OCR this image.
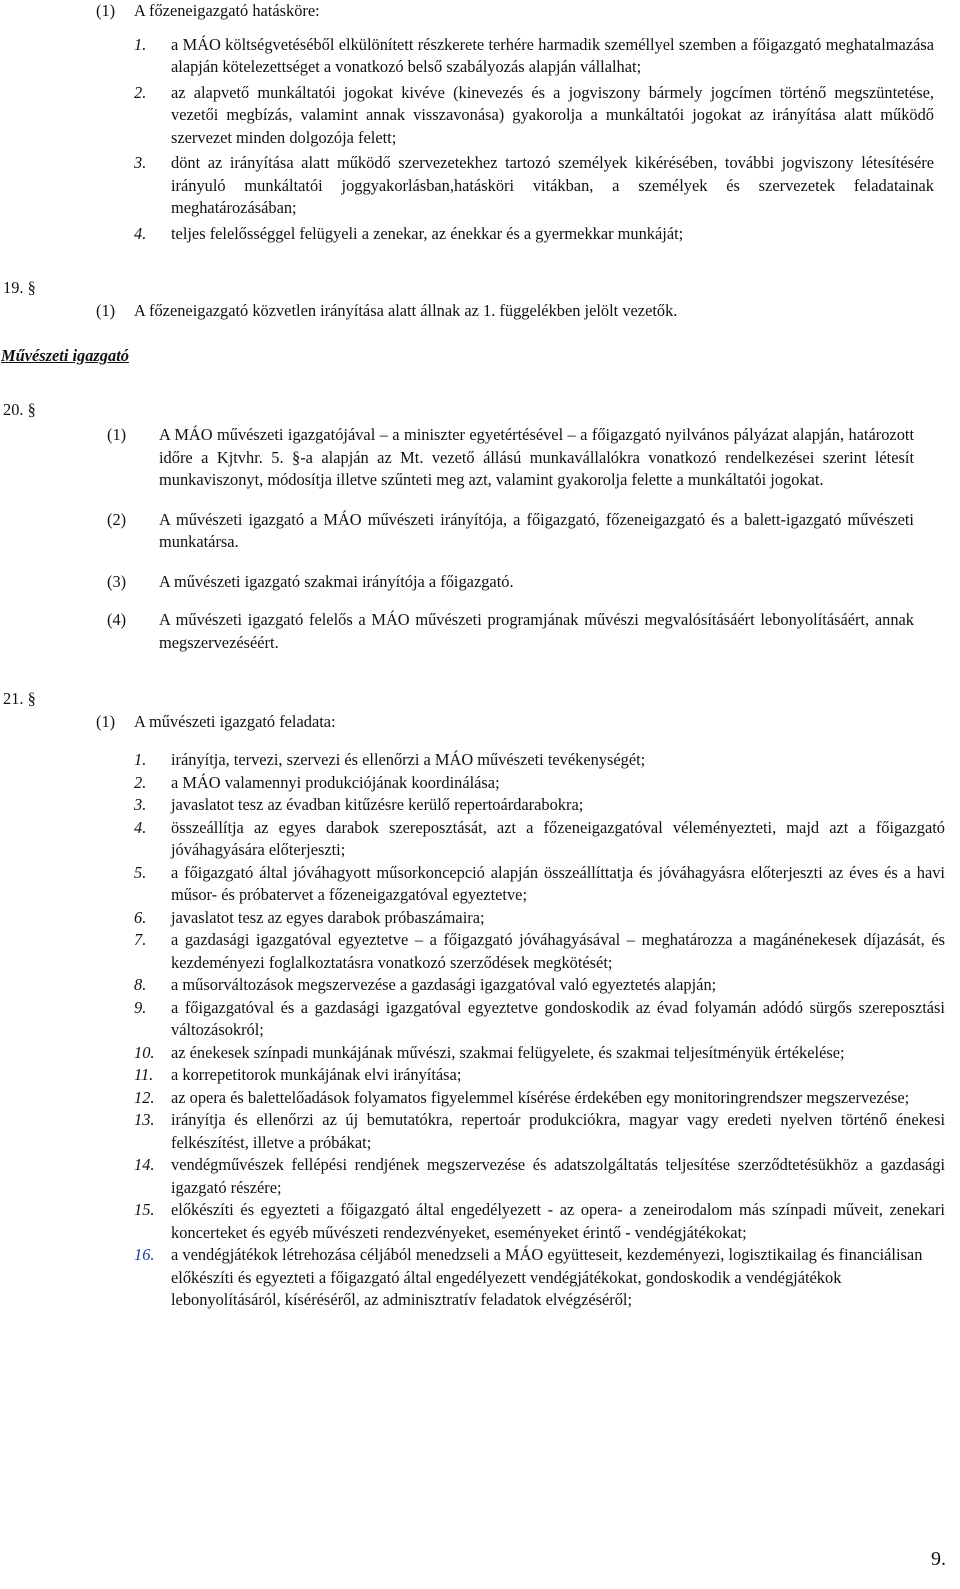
(1)	A főzeneigazgató hatásköre:
1.	a MÁO költségvetéséből elkülönített részkerete terhére harmadik személlyel szemben a főigazgató meghatalmazása alapján kötelezettséget a vonatkozó belső szabályozás alapján vállalhat;
2.	az alapvető munkáltatói jogokat kivéve (kinevezés és a jogviszony bármely jogcímen történő megszüntetése, vezetői megbízás, valamint annak visszavonása) gyakorolja a munkáltatói jogokat az irányítása alatt működő szervezet minden dolgozója felett;
3.	dönt az irányítása alatt működő szervezetekhez tartozó személyek kikérésében, további jogviszony létesítésére irányuló munkáltatói joggyakorlásban,hatásköri vitákban, a személyek és szervezetek feladatainak meghatározásában;
4.	teljes felelősséggel felügyeli a zenekar, az énekkar és a gyermekkar munkáját;
19. §
(1)	A főzeneigazgató közvetlen irányítása alatt állnak az 1. függelékben jelölt vezetők.
Művészeti igazgató
20. §
(1)	A MÁO művészeti igazgatójával – a miniszter egyetértésével – a főigazgató nyilvános pályázat alapján, határozott időre a Kjtvhr. 5. §-a alapján az Mt. vezető állású munkavállalókra vonatkozó rendelkezései szerint létesít munkaviszonyt, módosítja illetve szűnteti meg azt, valamint gyakorolja felette a munkáltatói jogokat.
(2)	A művészeti igazgató a MÁO művészeti irányítója, a főigazgató, főzeneigazgató és a balett-igazgató művészeti munkatársa.
(3)	A művészeti igazgató szakmai irányítója a főigazgató.
(4)	A művészeti igazgató felelős a MÁO művészeti programjának művészi megvalósításáért lebonyolításáért, annak megszervezéséért.
21. §
(1)	A művészeti igazgató feladata:
1.	irányítja, tervezi, szervezi és ellenőrzi a MÁO művészeti tevékenységét;
2.	a MÁO valamennyi produkciójának koordinálása;
3.	javaslatot tesz az évadban kitűzésre kerülő repertoárdarabokra;
4.	összeállítja az egyes darabok szereposztását, azt a főzeneigazgatóval véleményezteti, majd azt a főigazgató jóváhagyására előterjeszti;
5.	a főigazgató által jóváhagyott műsorkoncepció alapján összeállíttatja és jóváhagyásra előterjeszti az éves és a havi műsor- és próbatervet a főzeneigazgatóval egyeztetve;
6.	javaslatot tesz az egyes darabok próbaszámaira;
7.	a gazdasági igazgatóval egyeztetve – a főigazgató jóváhagyásával – meghatározza a magánénekesek díjazását, és kezdeményezi foglalkoztatásra vonatkozó szerződések megkötését;
8.	a műsorváltozások megszervezése a gazdasági igazgatóval való egyeztetés alapján;
9.	a főigazgatóval és a gazdasági igazgatóval egyeztetve gondoskodik az évad folyamán adódó sürgős szereposztási változásokról;
10.	az énekesek színpadi munkájának művészi, szakmai felügyelete, és szakmai teljesítményük értékelése;
11.	a korrepetitorok munkájának elvi irányítása;
12.	az opera és balettelőadások folyamatos figyelemmel kísérése érdekében egy monitoringrendszer megszervezése;
13.	irányítja és ellenőrzi az új bemutatókra, repertoár produkciókra, magyar vagy eredeti nyelven történő énekesi felkészítést, illetve a próbákat;
14.	vendégművészek fellépési rendjének megszervezése és adatszolgáltatás teljesítése szerződtetésükhöz a gazdasági igazgató részére;
15.	előkészíti és egyezteti a főigazgató által engedélyezett - az opera- a zeneirodalom más színpadi műveit, zenekari koncerteket és egyéb művészeti rendezvényeket, eseményeket érintő - vendégjátékokat;
16.	a vendégjátékok létrehozása céljából menedzseli a MÁO együtteseit, kezdeményezi, logisztikailag és financiálisan előkészíti és egyezteti a főigazgató által engedélyezett vendégjátékokat, gondoskodik a vendégjátékok lebonyolításáról, kíséréséről, az adminisztratív feladatok elvégzéséről;
9.
